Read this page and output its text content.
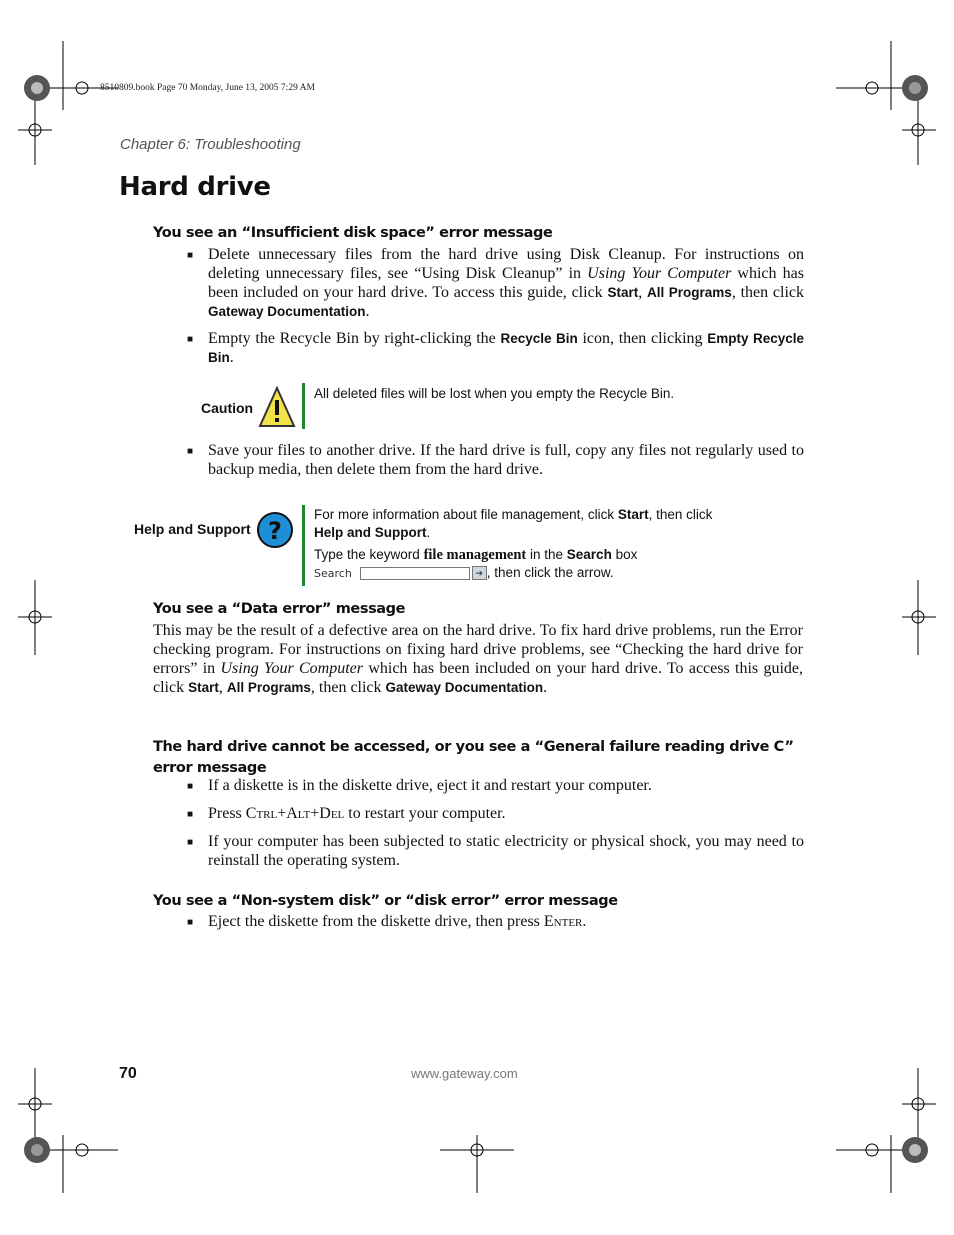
8510809.book Page 70 Monday, June 13, 2005 7:29 AM
Chapter 6: Troubleshooting
Hard drive
You see an “Insufficient disk space” error message
■ Delete unnecessary files from the hard drive using Disk Cleanup. For instructions on deleting unnecessary files, see “Using Disk Cleanup” in Using Your Computer which has been included on your hard drive. To access this guide, click Start, All Programs, then click Gateway Documentation.
■ Empty the Recycle Bin by right-clicking the Recycle Bin icon, then clicking Empty Recycle Bin.
Caution
All deleted files will be lost when you empty the Recycle Bin.
■ Save your files to another drive. If the hard drive is full, copy any files not regularly used to backup media, then delete them from the hard drive.
Help and Support ?
For more information about file management, click Start, then click
Help and Support.
Type the keyword file management in the Search box
Search	➔ , then click the arrow.
You see a “Data error” message
This may be the result of a defective area on the hard drive. To fix hard drive problems, run the Error checking program. For instructions on fixing hard drive problems, see “Checking the hard drive for errors” in Using Your Computer which has been included on your hard drive. To access this guide, click Start, All Programs, then click Gateway Documentation.
The hard drive cannot be accessed, or you see a “General failure reading drive C” error message
■ If a diskette is in the diskette drive, eject it and restart your computer.
■ Press Ctrl+Alt+Del to restart your computer.
■ If your computer has been subjected to static electricity or physical shock, you may need to reinstall the operating system.
You see a “Non-system disk” or “disk error” error message
■ Eject the diskette from the diskette drive, then press Enter.
70	www.gateway.com
